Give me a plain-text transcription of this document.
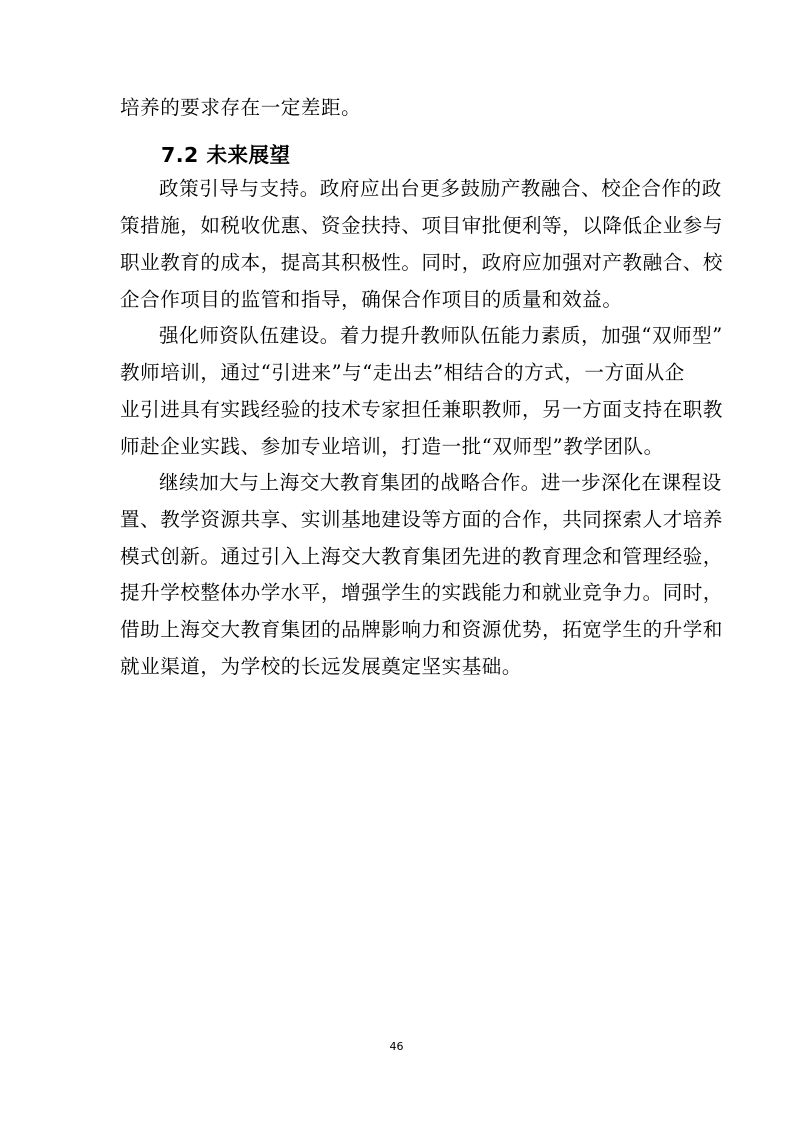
培养的要求存在一定差距。
7.2 未来展望
政策引导与支持。政府应出台更多鼓励产教融合、校企合作的政
策措施，如税收优惠、资金扶持、项目审批便利等，以降低企业参与
职业教育的成本，提高其积极性。同时，政府应加强对产教融合、校
企合作项目的监管和指导，确保合作项目的质量和效益。
强化师资队伍建设。着力提升教师队伍能力素质，加强“双师型”
教师培训，通过“引进来”与“走出去”相结合的方式，一方面从企
业引进具有实践经验的技术专家担任兼职教师，另一方面支持在职教
师赴企业实践、参加专业培训，打造一批“双师型”教学团队。
继续加大与上海交大教育集团的战略合作。进一步深化在课程设
置、教学资源共享、实训基地建设等方面的合作，共同探索人才培养
模式创新。通过引入上海交大教育集团先进的教育理念和管理经验，
提升学校整体办学水平，增强学生的实践能力和就业竞争力。同时，
借助上海交大教育集团的品牌影响力和资源优势，拓宽学生的升学和
就业渠道，为学校的长远发展奠定坚实基础。
46
